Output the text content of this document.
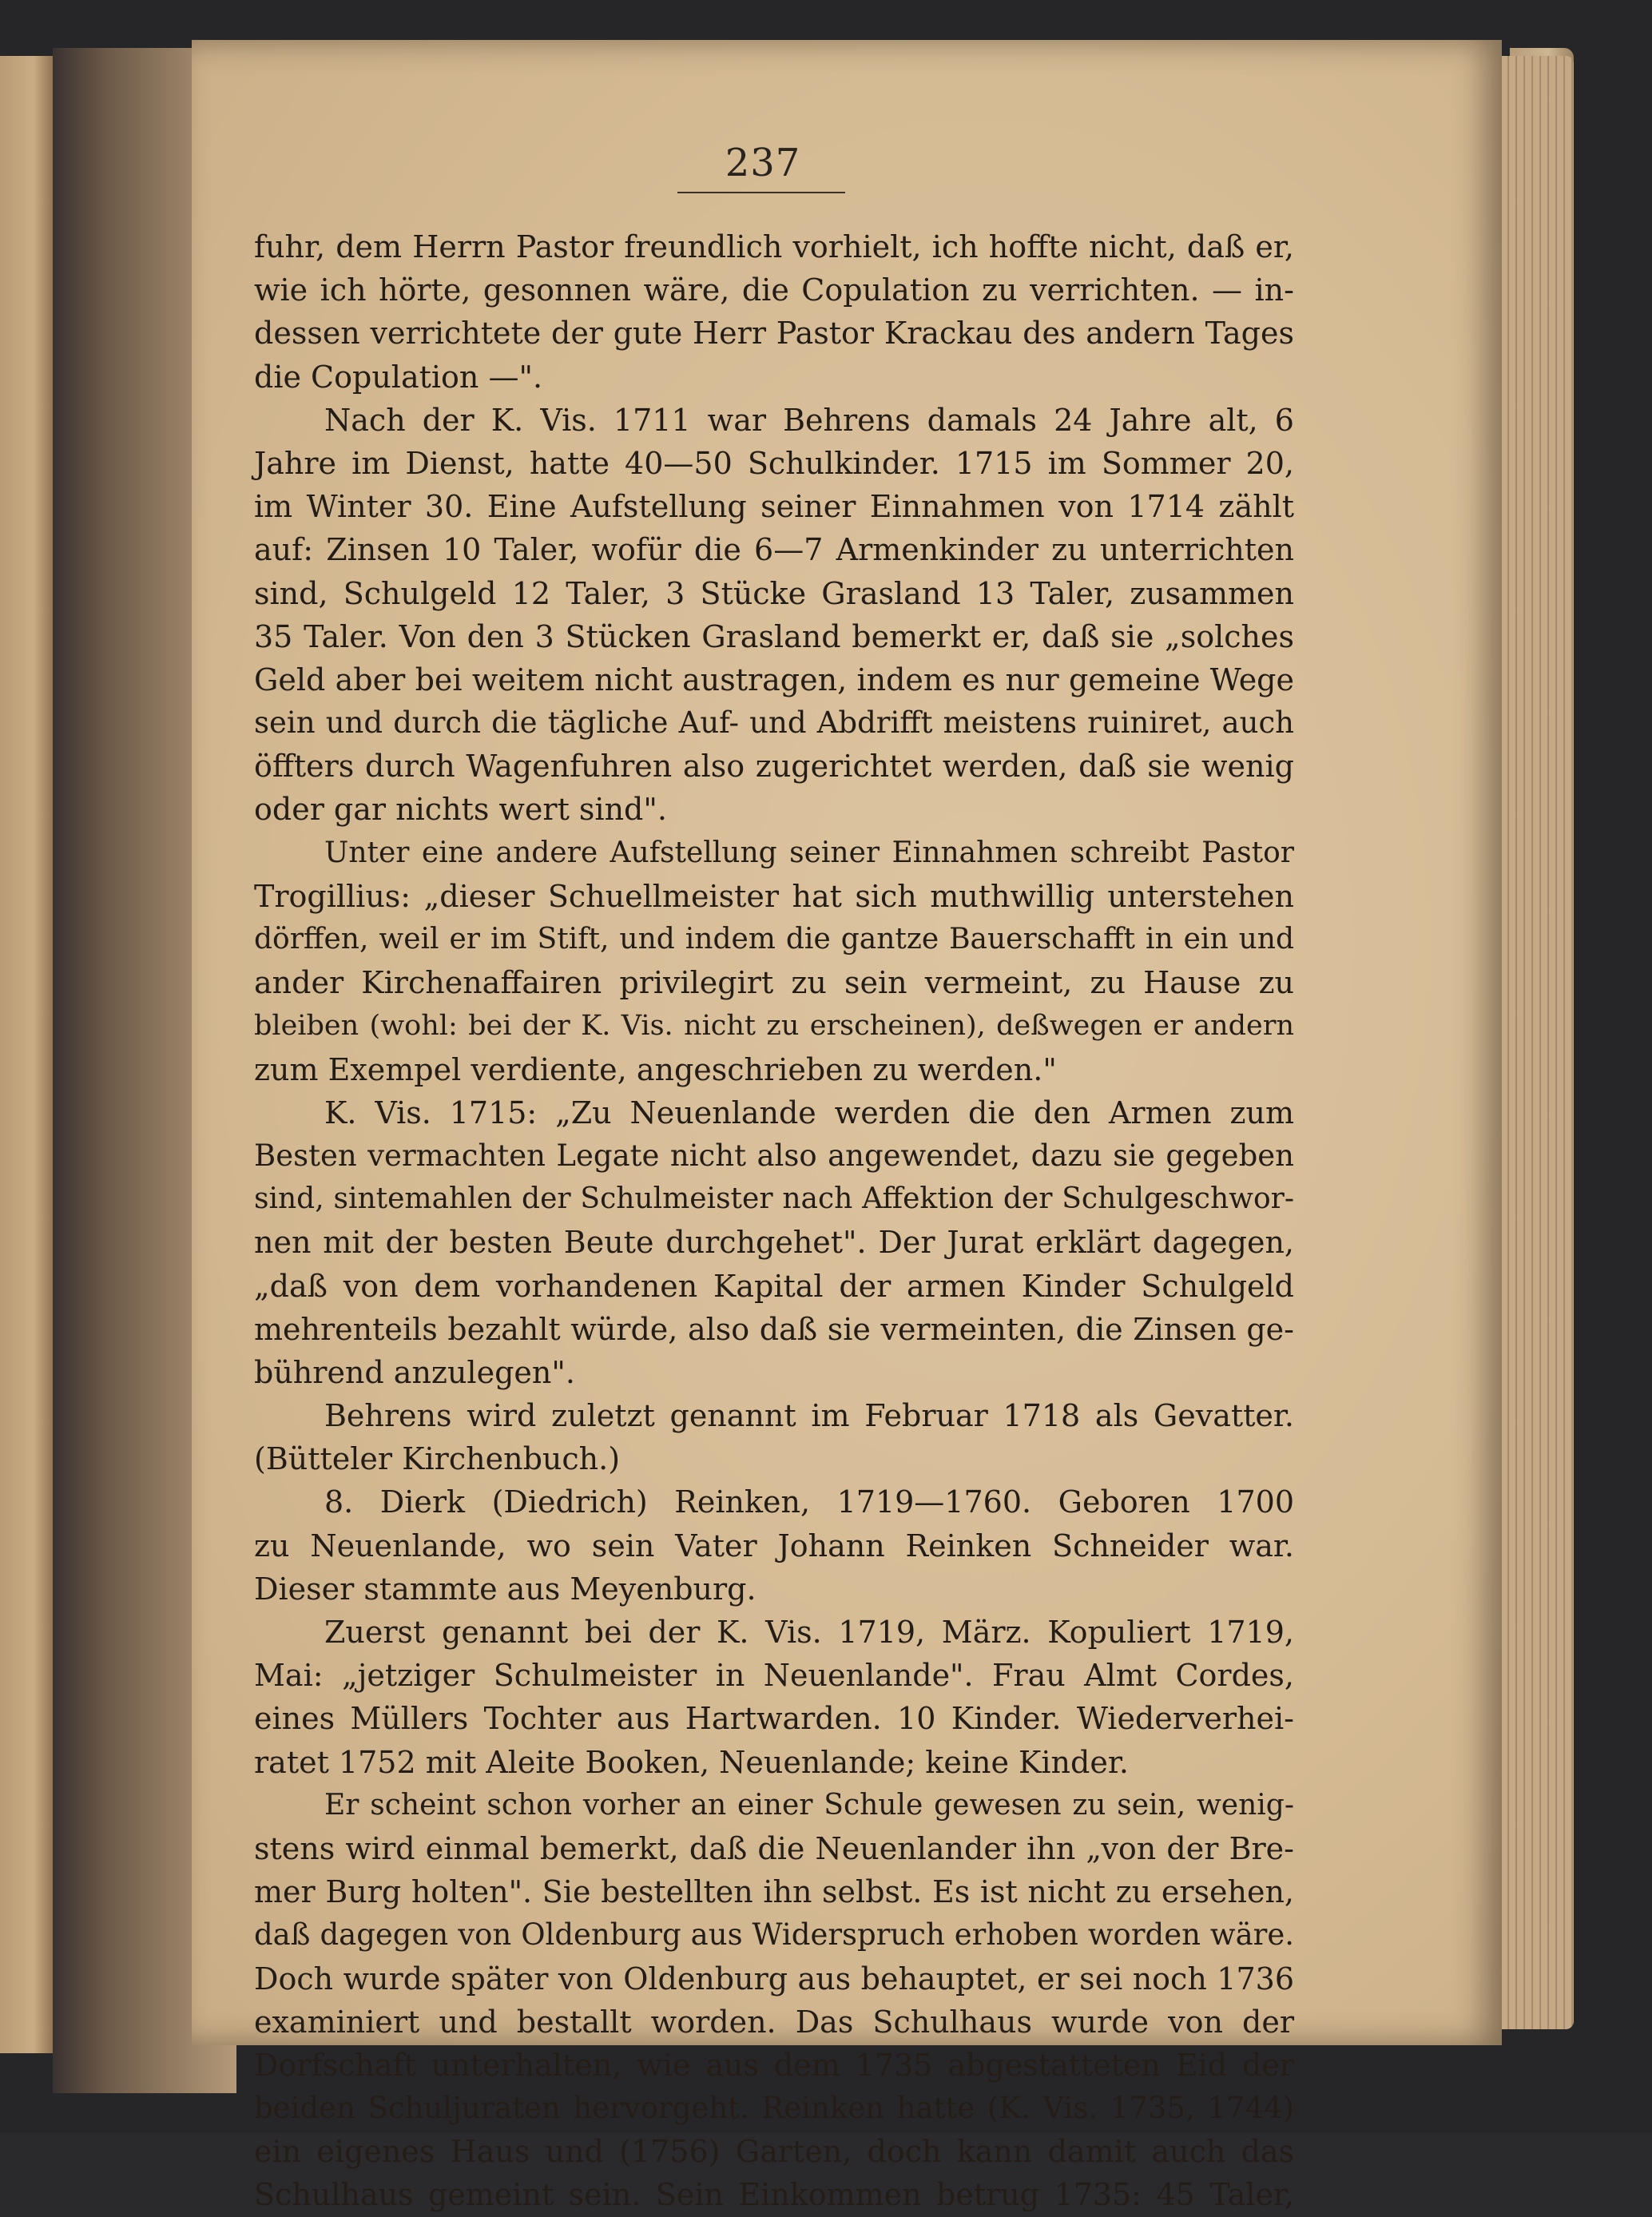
237
fuhr, dem Herrn Pastor freundlich vorhielt, ich hoffte nicht, daß er,
wie ich hörte, gesonnen wäre, die Copulation zu verrichten. — in-
dessen verrichtete der gute Herr Pastor Krackau des andern Tages
die Copulation —".
Nach der K. Vis. 1711 war Behrens damals 24 Jahre alt, 6
Jahre im Dienst, hatte 40—50 Schulkinder. 1715 im Sommer 20,
im Winter 30. Eine Aufstellung seiner Einnahmen von 1714 zählt
auf: Zinsen 10 Taler, wofür die 6—7 Armenkinder zu unterrichten
sind, Schulgeld 12 Taler, 3 Stücke Grasland 13 Taler, zusammen
35 Taler. Von den 3 Stücken Grasland bemerkt er, daß sie „solches
Geld aber bei weitem nicht austragen, indem es nur gemeine Wege
sein und durch die tägliche Auf- und Abdrifft meistens ruiniret, auch
öffters durch Wagenfuhren also zugerichtet werden, daß sie wenig
oder gar nichts wert sind".
Unter eine andere Aufstellung seiner Einnahmen schreibt Pastor
Trogillius: „dieser Schuellmeister hat sich muthwillig unterstehen
dörffen, weil er im Stift, und indem die gantze Bauerschafft in ein und
ander Kirchenaffairen privilegirt zu sein vermeint, zu Hause zu
bleiben (wohl: bei der K. Vis. nicht zu erscheinen), deßwegen er andern
zum Exempel verdiente, angeschrieben zu werden."
K. Vis. 1715: „Zu Neuenlande werden die den Armen zum
Besten vermachten Legate nicht also angewendet, dazu sie gegeben
sind, sintemahlen der Schulmeister nach Affektion der Schulgeschwor-
nen mit der besten Beute durchgehet". Der Jurat erklärt dagegen,
„daß von dem vorhandenen Kapital der armen Kinder Schulgeld
mehrenteils bezahlt würde, also daß sie vermeinten, die Zinsen ge-
bührend anzulegen".
Behrens wird zuletzt genannt im Februar 1718 als Gevatter.
(Bütteler Kirchenbuch.)
8. Dierk (Diedrich) Reinken, 1719—1760. Geboren 1700
zu Neuenlande, wo sein Vater Johann Reinken Schneider war.
Dieser stammte aus Meyenburg.
Zuerst genannt bei der K. Vis. 1719, März. Kopuliert 1719,
Mai: „jetziger Schulmeister in Neuenlande". Frau Almt Cordes,
eines Müllers Tochter aus Hartwarden. 10 Kinder. Wiederverhei-
ratet 1752 mit Aleite Booken, Neuenlande; keine Kinder.
Er scheint schon vorher an einer Schule gewesen zu sein, wenig-
stens wird einmal bemerkt, daß die Neuenlander ihn „von der Bre-
mer Burg holten". Sie bestellten ihn selbst. Es ist nicht zu ersehen,
daß dagegen von Oldenburg aus Widerspruch erhoben worden wäre.
Doch wurde später von Oldenburg aus behauptet, er sei noch 1736
examiniert und bestallt worden. Das Schulhaus wurde von der
Dorfschaft unterhalten, wie aus dem 1735 abgestatteten Eid der
beiden Schuljuraten hervorgeht. Reinken hatte (K. Vis. 1735, 1744)
ein eigenes Haus und (1756) Garten, doch kann damit auch das
Schulhaus gemeint sein. Sein Einkommen betrug 1735: 45 Taler,
